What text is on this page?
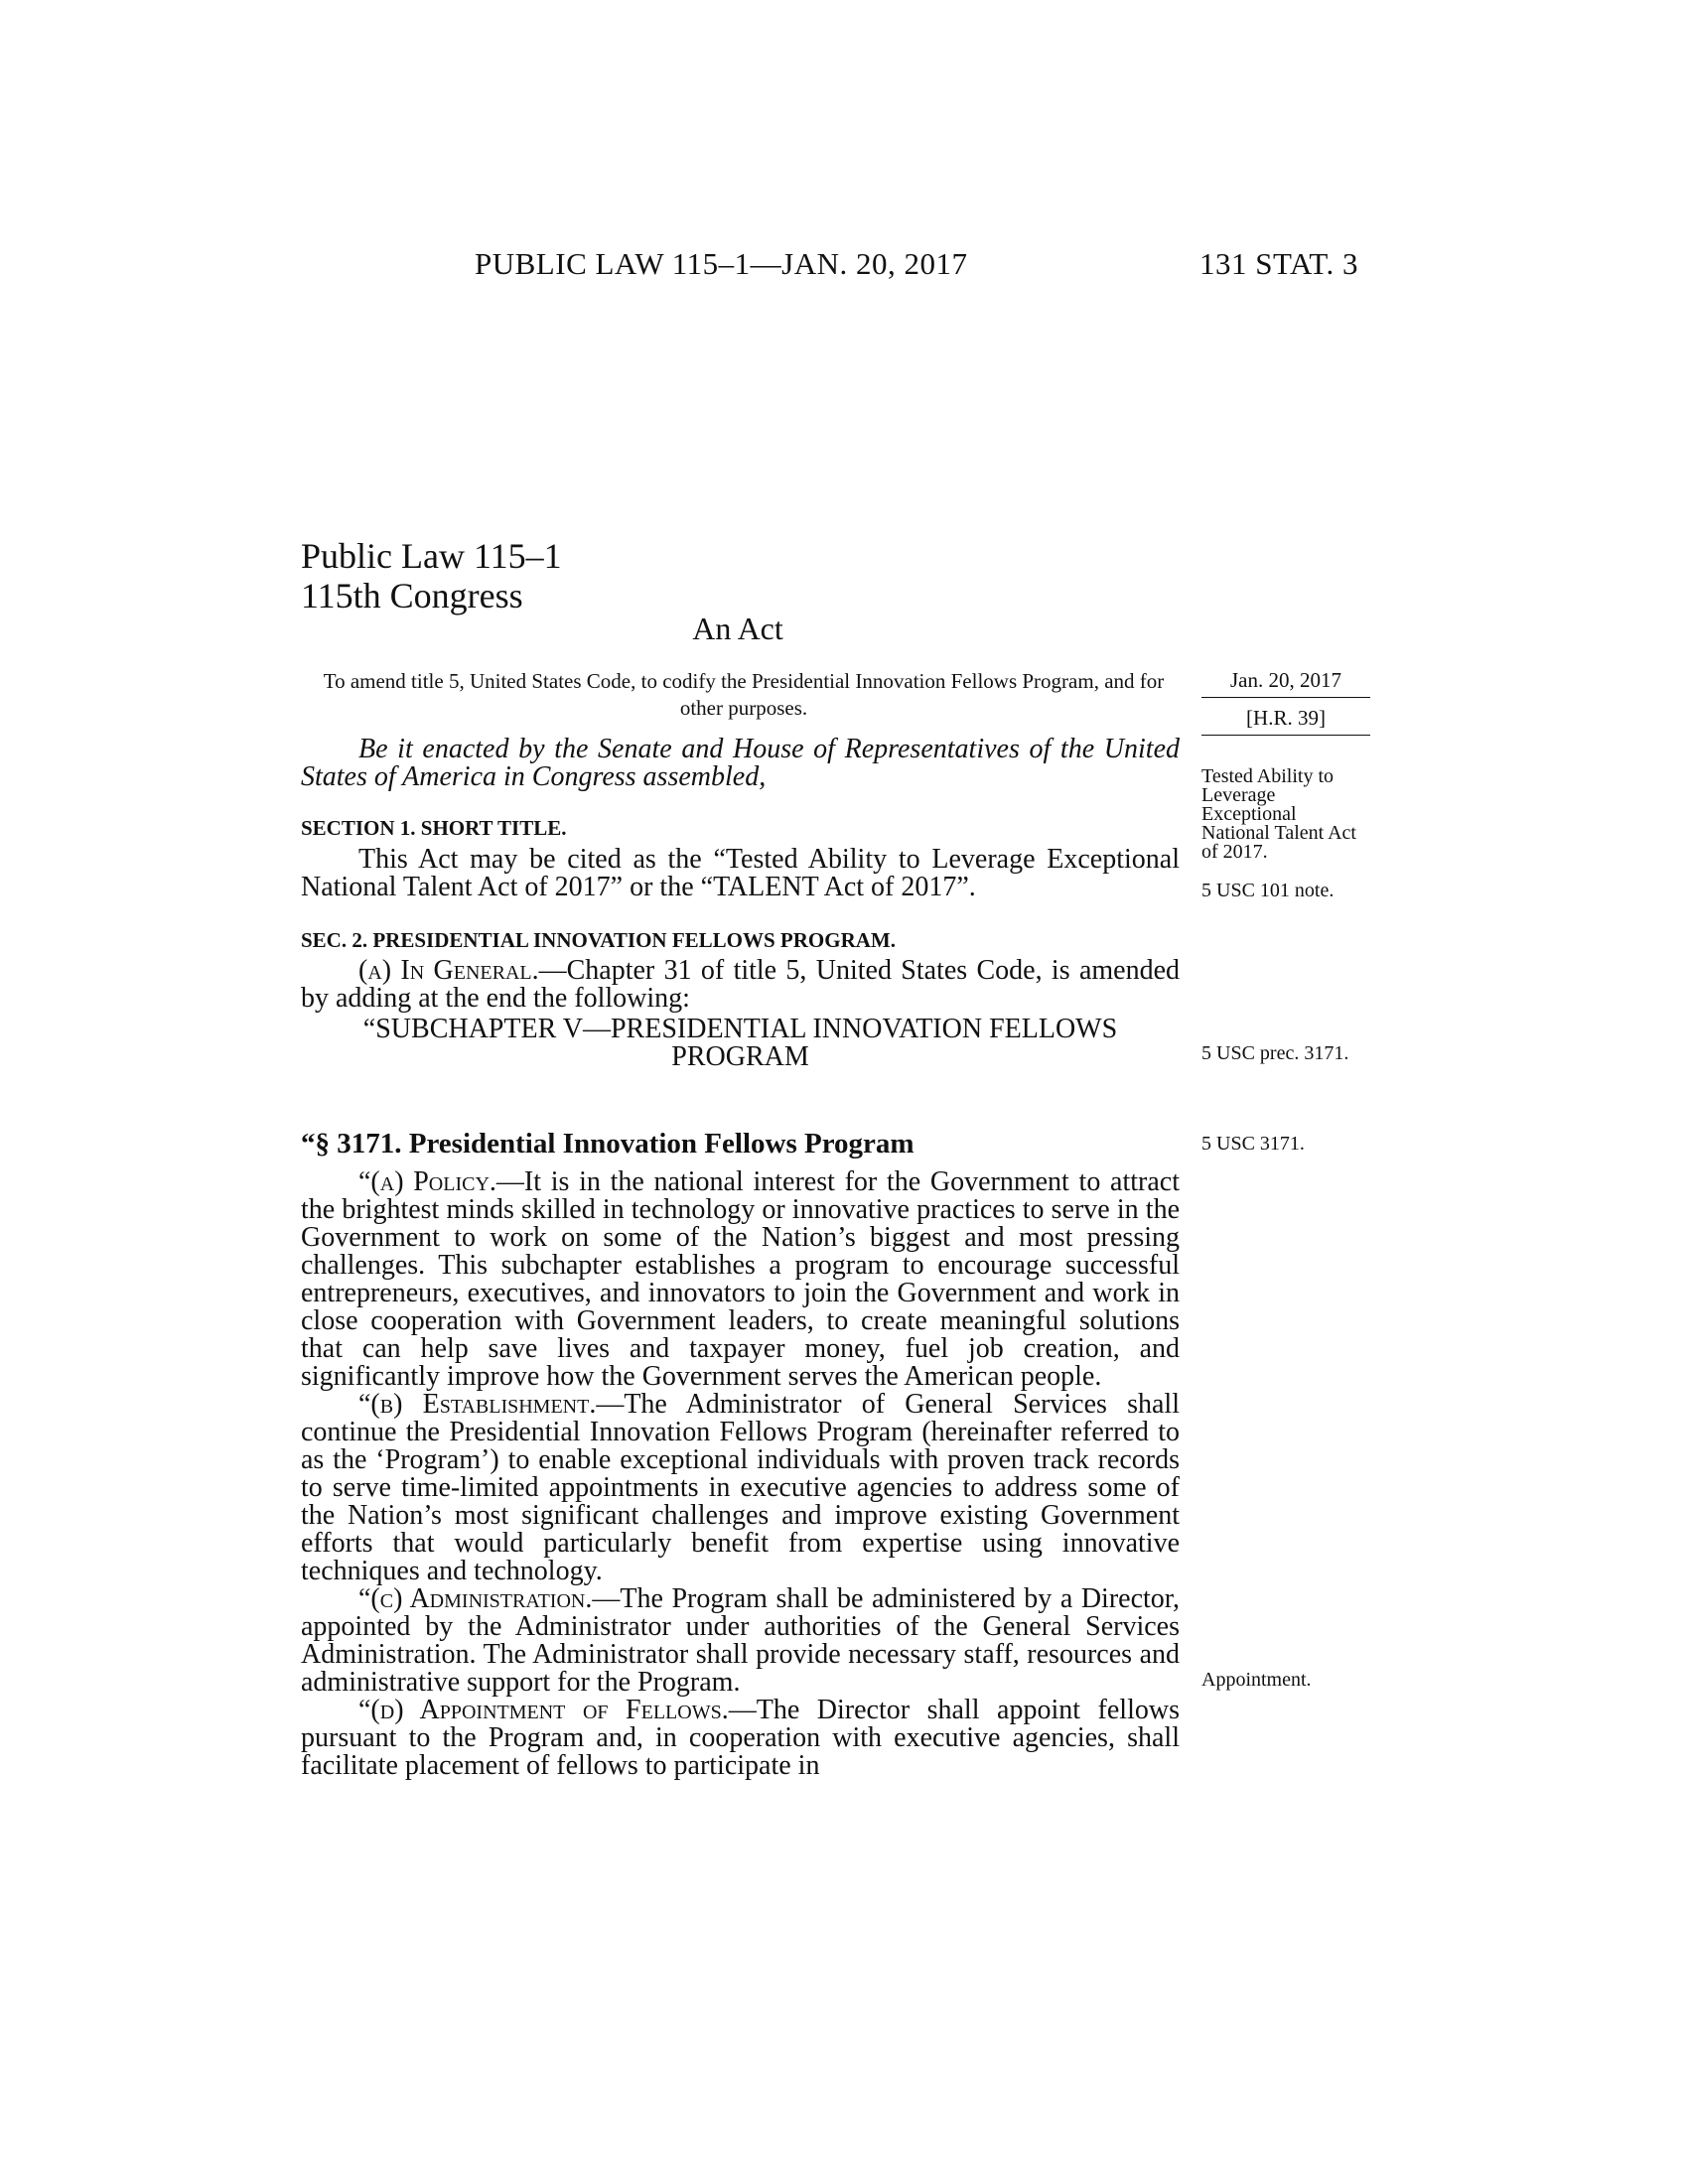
PUBLIC LAW 115–1—JAN. 20, 2017	131 STAT. 3
Public Law 115–1
115th Congress
An Act
To amend title 5, United States Code, to codify the Presidential Innovation Fellows Program, and for other purposes.
Jan. 20, 2017
[H.R. 39]
Be it enacted by the Senate and House of Representatives of the United States of America in Congress assembled,
SECTION 1. SHORT TITLE.
This Act may be cited as the “Tested Ability to Leverage Exceptional National Talent Act of 2017” or the “TALENT Act of 2017”.
Tested Ability to Leverage Exceptional National Talent Act of 2017.
5 USC 101 note.
SEC. 2. PRESIDENTIAL INNOVATION FELLOWS PROGRAM.
(a) In General.—Chapter 31 of title 5, United States Code, is amended by adding at the end the following:
“SUBCHAPTER V—PRESIDENTIAL INNOVATION FELLOWS
PROGRAM	5 USC prec. 3171.
“§ 3171. Presidential Innovation Fellows Program	5 USC 3171.
“(a) Policy.—It is in the national interest for the Government to attract the brightest minds skilled in technology or innovative practices to serve in the Government to work on some of the Nation’s biggest and most pressing challenges. This subchapter establishes a program to encourage successful entrepreneurs, executives, and innovators to join the Government and work in close cooperation with Government leaders, to create meaningful solutions that can help save lives and taxpayer money, fuel job creation, and significantly improve how the Government serves the American people.
“(b) Establishment.—The Administrator of General Services shall continue the Presidential Innovation Fellows Program (hereinafter referred to as the ‘Program’) to enable exceptional individuals with proven track records to serve time-limited appointments in executive agencies to address some of the Nation’s most significant challenges and improve existing Government efforts that would particularly benefit from expertise using innovative techniques and technology.
“(c) Administration.—The Program shall be administered by a Director, appointed by the Administrator under authorities of the General Services Administration. The Administrator shall provide necessary staff, resources and administrative support for the Program.
“(d) Appointment of Fellows.—The Director shall appoint fellows pursuant to the Program and, in cooperation with executive agencies, shall facilitate placement of fellows to participate in
Appointment.
